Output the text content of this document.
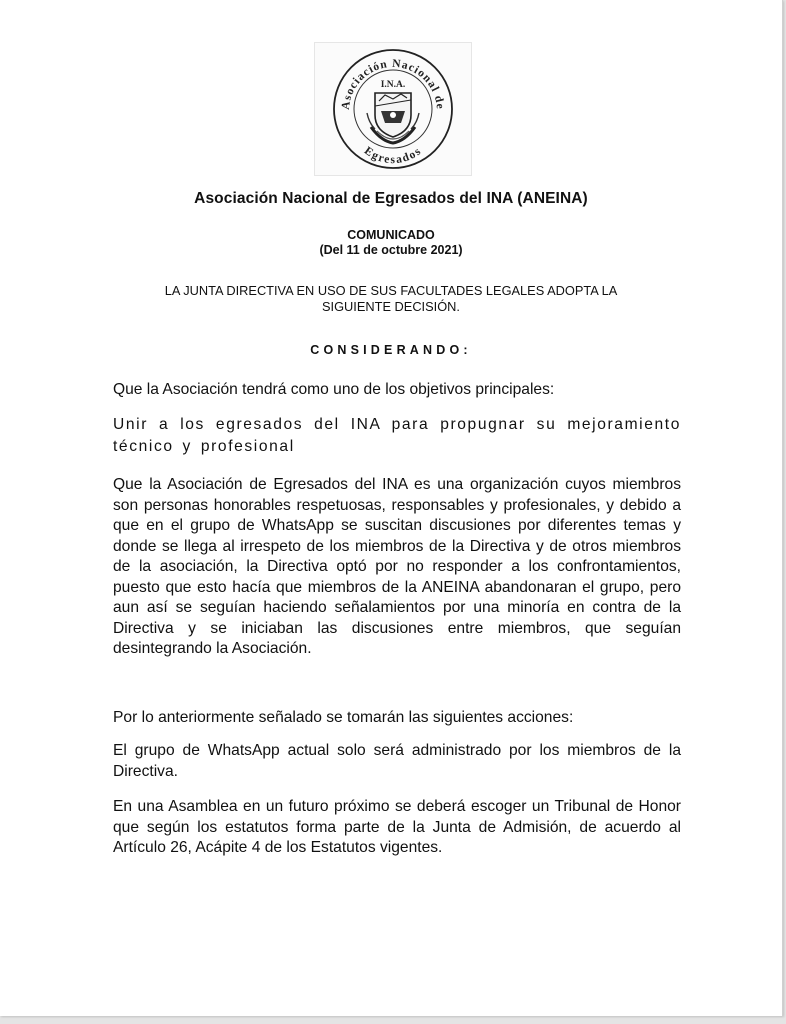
Asociación Nacional de
Egresados
I.N.A.
Asociación Nacional de Egresados del INA (ANEINA)
COMUNICADO
(Del 11 de octubre 2021)
LA JUNTA DIRECTIVA EN USO DE SUS FACULTADES LEGALES ADOPTA LA
SIGUIENTE DECISIÓN.
CONSIDERANDO:

Que la Asociación tendrá como uno de los objetivos principales:

Unir a los egresados del INA para propugnar su mejoramiento técnico y profesional

Que la Asociación de Egresados del INA es una organización cuyos miembros son personas honorables respetuosas, responsables y profesionales, y debido a que en el grupo de WhatsApp se suscitan discusiones por diferentes temas y donde se llega al irrespeto de los miembros de la Directiva y de otros miembros de la asociación, la Directiva optó por no responder a los confrontamientos, puesto que esto hacía que miembros de la ANEINA abandonaran el grupo, pero aun así se seguían haciendo señalamientos por una minoría en contra de la Directiva y se iniciaban las discusiones entre miembros, que seguían desintegrando la Asociación.

Por lo anteriormente señalado se tomarán las siguientes acciones:

El grupo de WhatsApp actual solo será administrado por los miembros de la Directiva.

En una Asamblea en un futuro próximo se deberá escoger un Tribunal de Honor que según los estatutos forma parte de la Junta de Admisión, de acuerdo al Artículo 26, Acápite 4 de los Estatutos vigentes.
